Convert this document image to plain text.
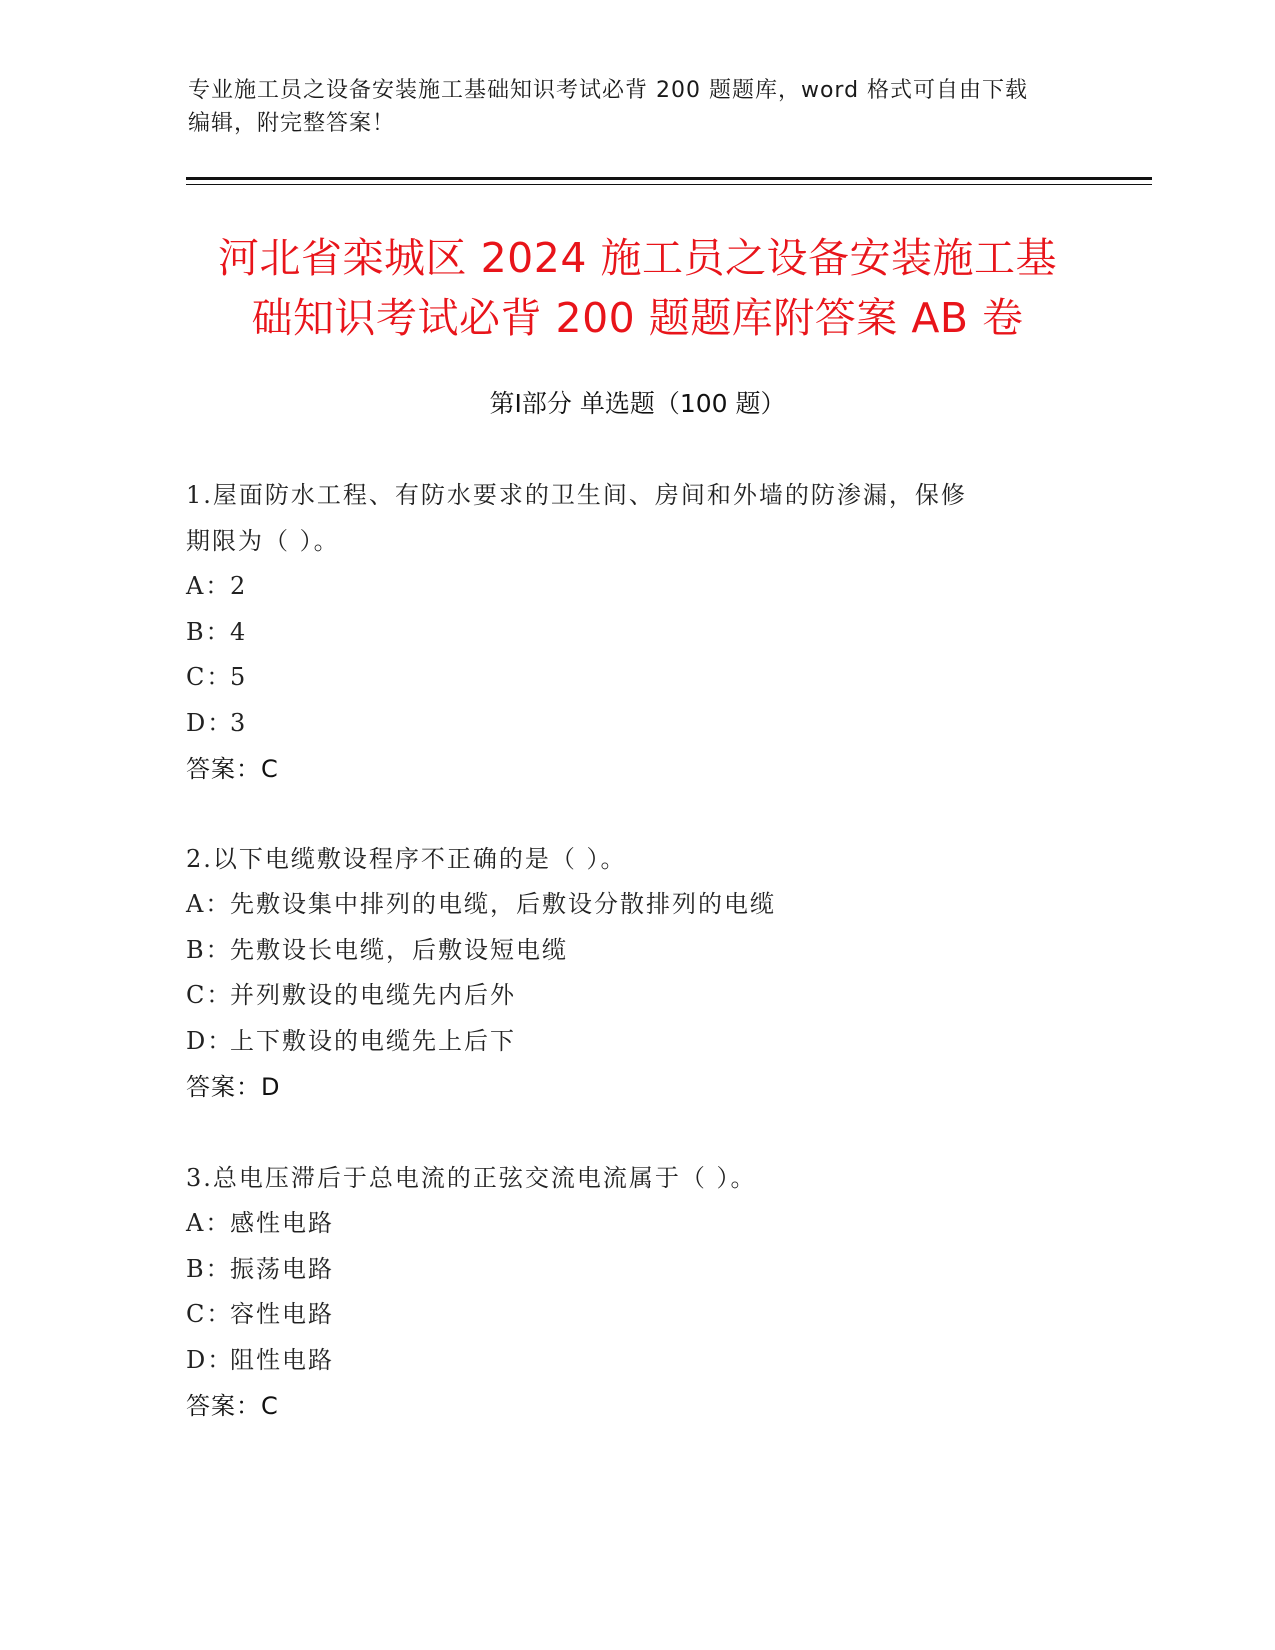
专业施工员之设备安装施工基础知识考试必背 200 题题库，word 格式可自由下载
编辑，附完整答案！
河北省栾城区 2024 施工员之设备安装施工基
础知识考试必背 200 题题库附答案 AB 卷
第Ⅰ部分 单选题（100 题）
1.屋面防水工程、有防水要求的卫生间、房间和外墙的防渗漏，保修
期限为（ ）。
A：2
B：4
C：5
D：3
答案：C
2.以下电缆敷设程序不正确的是（ ）。
A：先敷设集中排列的电缆，后敷设分散排列的电缆
B：先敷设长电缆，后敷设短电缆
C：并列敷设的电缆先内后外
D：上下敷设的电缆先上后下
答案：D
3.总电压滞后于总电流的正弦交流电流属于（ ）。
A：感性电路
B：振荡电路
C：容性电路
D：阻性电路
答案：C
